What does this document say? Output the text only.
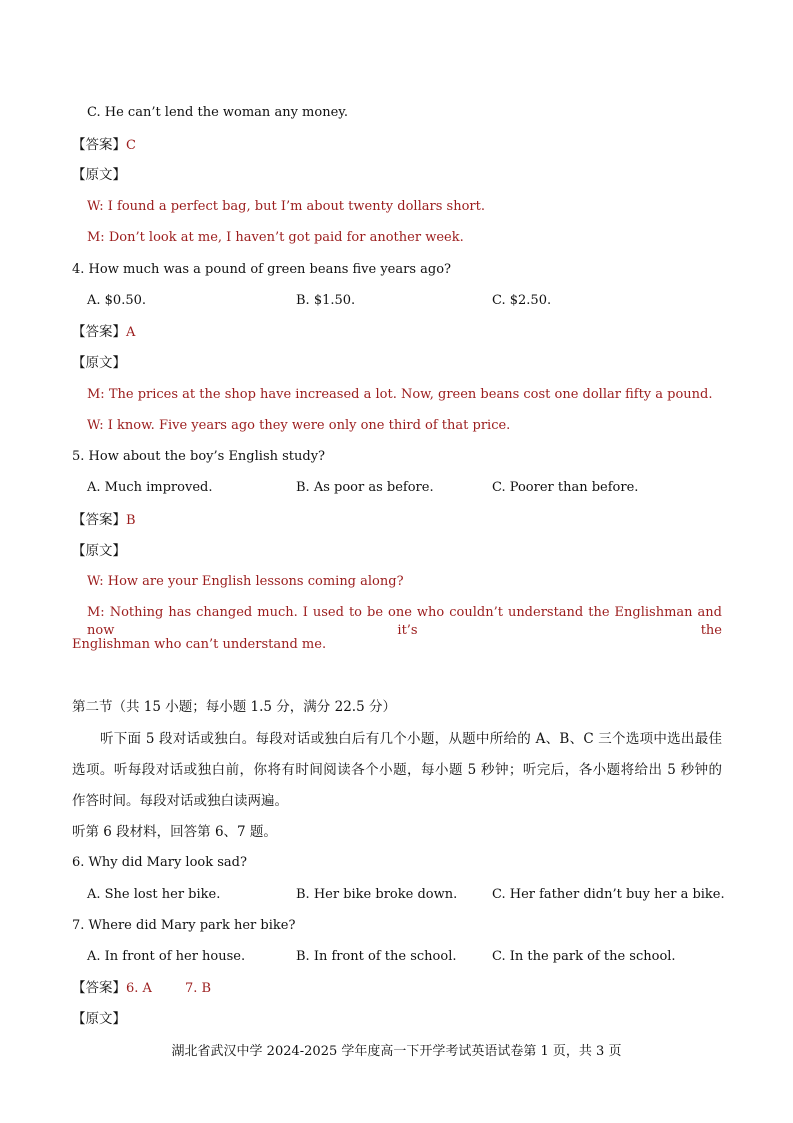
C. He can’t lend the woman any money.
【答案】C
【原文】
W: I found a perfect bag, but I’m about twenty dollars short.
M: Don’t look at me, I haven’t got paid for another week.
4. How much was a pound of green beans five years ago?
A. $0.50.	B. $1.50.	C. $2.50.
【答案】A
【原文】
M: The prices at the shop have increased a lot. Now, green beans cost one dollar fifty a pound.
W: I know. Five years ago they were only one third of that price.
5. How about the boy’s English study?
A. Much improved.	B. As poor as before.	C. Poorer than before.
【答案】B
【原文】
W: How are your English lessons coming along?
M: Nothing has changed much. I used to be one who couldn’t understand the Englishman and now it’s the
Englishman who can’t understand me.
第二节（共 15 小题；每小题 1.5 分，满分 22.5 分）
听下面 5 段对话或独白。每段对话或独白后有几个小题，从题中所给的 A、B、C 三个选项中选出最佳
选项。听每段对话或独白前，你将有时间阅读各个小题，每小题 5 秒钟；听完后，各小题将给出 5 秒钟的
作答时间。每段对话或独白读两遍。
听第 6 段材料，回答第 6、7 题。
6. Why did Mary look sad?
A. She lost her bike.	B. Her bike broke down.	C. Her father didn’t buy her a bike.
7. Where did Mary park her bike?
A. In front of her house.	B. In front of the school.	C. In the park of the school.
【答案】6. A        7. B
【原文】
湖北省武汉中学 2024-2025 学年度高一下开学考试英语试卷第 1 页，共 3 页
